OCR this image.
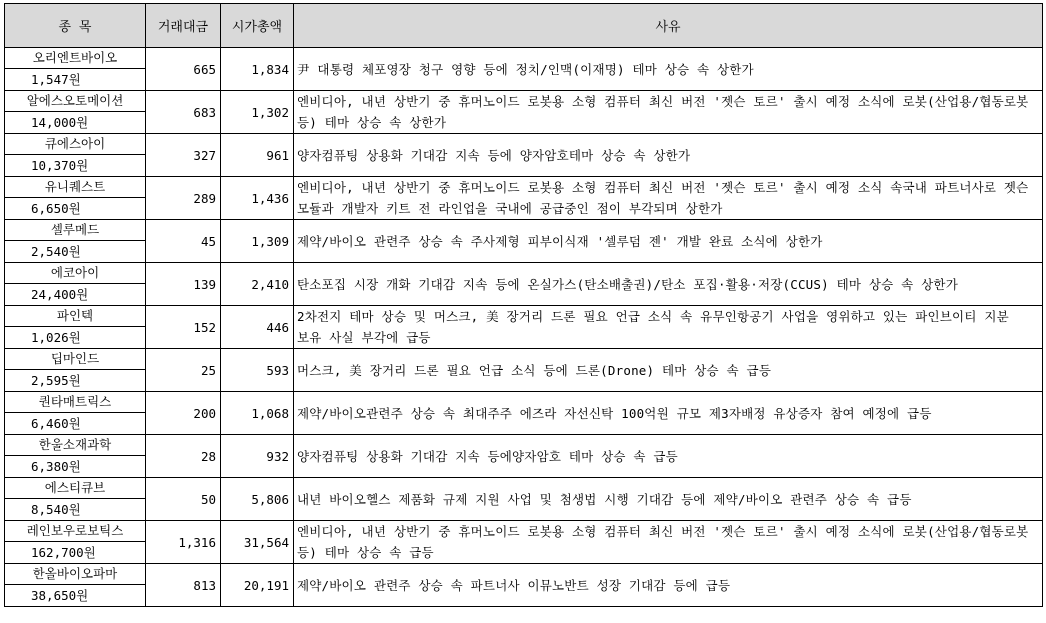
종 목	거래대금	시가총액	사유
오리엔트바이오	665	1,834	尹 대통령 체포영장 청구 영향 등에 정치/인맥(이재명) 테마 상승 속 상한가
1,547원			
알에스오토메이션	683	1,302	엔비디아, 내년 상반기 중 휴머노이드 로봇용 소형 컴퓨터 최신 버전 '젯슨 토르' 출시 예정 소식에 로봇(산업용/협동로봇 등) 테마 상승 속 상한가
14,000원			
큐에스아이	327	961	양자컴퓨팅 상용화 기대감 지속 등에 양자암호테마 상승 속 상한가
10,370원			
유니퀘스트	289	1,436	엔비디아, 내년 상반기 중 휴머노이드 로봇용 소형 컴퓨터 최신 버전 '젯슨 토르' 출시 예정 소식 속국내 파트너사로 젯슨 모듈과 개발자 키트 전 라인업을 국내에 공급중인 점이 부각되며 상한가
6,650원			
셀루메드	45	1,309	제약/바이오 관련주 상승 속 주사제형 피부이식재 '셀루덤 젠' 개발 완료 소식에 상한가
2,540원			
에코아이	139	2,410	탄소포집 시장 개화 기대감 지속 등에 온실가스(탄소배출권)/탄소 포집·활용·저장(CCUS) 테마 상승 속 상한가
24,400원			
파인텍	152	446	2차전지 테마 상승 및 머스크, 美 장거리 드론 필요 언급 소식 속 유무인항공기 사업을 영위하고 있는 파인브이티 지분 보유 사실 부각에 급등
1,026원			
딥마인드	25	593	머스크, 美 장거리 드론 필요 언급 소식 등에 드론(Drone) 테마 상승 속 급등
2,595원			
퀀타매트릭스	200	1,068	제약/바이오관련주 상승 속 최대주주 에즈라 자선신탁 100억원 규모 제3자배정 유상증자 참여 예정에 급등
6,460원			
한울소재과학	28	932	양자컴퓨팅 상용화 기대감 지속 등에양자암호 테마 상승 속 급등
6,380원			
에스티큐브	50	5,806	내년 바이오헬스 제품화 규제 지원 사업 및 첨생법 시행 기대감 등에 제약/바이오 관련주 상승 속 급등
8,540원			
레인보우로보틱스	1,316	31,564	엔비디아, 내년 상반기 중 휴머노이드 로봇용 소형 컴퓨터 최신 버전 '젯슨 토르' 출시 예정 소식에 로봇(산업용/협동로봇 등) 테마 상승 속 급등
162,700원			
한올바이오파마	813	20,191	제약/바이오 관련주 상승 속 파트너사 이뮤노반트 성장 기대감 등에 급등
38,650원			
